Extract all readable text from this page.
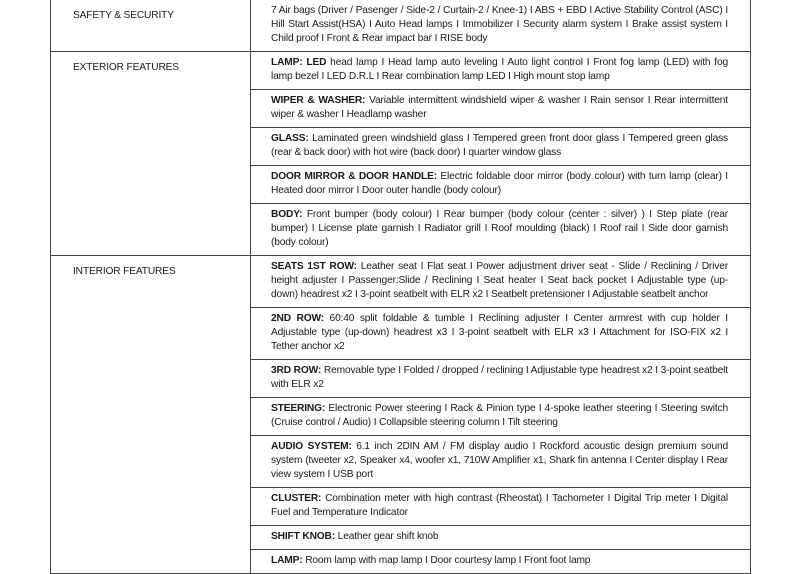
SAFETY & SECURITY	7 Air bags (Driver / Pasenger / Side-2 / Curtain-2 / Knee-1) I ABS + EBD I Active Stability Control (ASC) I Hill Start Assist(HSA) I Auto Head lamps I Immobilizer I Security alarm system I Brake assist system I Child proof I Front & Rear impact bar I RISE body
EXTERIOR FEATURES	LAMP: LED head lamp I Head lamp auto leveling I Auto light control I Front fog lamp (LED) with fog lamp bezel I LED D.R.L I Rear combination lamp LED I High mount stop lamp
	WIPER & WASHER: Variable intermittent windshield wiper & washer I Rain sensor I Rear intermittent wiper & washer I Headlamp washer
	GLASS: Laminated green windshield glass I Tempered green front door glass I Tempered green glass (rear & back door) with hot wire (back door) I quarter window glass
	DOOR MIRROR & DOOR HANDLE: Electric foldable door mirror (body colour) with turn lamp (clear) I Heated door mirror I Door outer handle (body colour)
	BODY: Front bumper (body colour) I Rear bumper (body colour (center : silver) ) I Step plate (rear bumper) I License plate garnish I Radiator grill I Roof moulding (black) I Roof rail I Side door garnish (body colour)
INTERIOR FEATURES	SEATS 1ST ROW: Leather seat I Flat seat I Power adjustment driver seat - Slide / Reclining / Driver height adjuster I Passenger:Slide / Reclining I Seat heater I Seat back pocket I Adjustable type (up-down) headrest x2 I 3-point seatbelt with ELR x2 I Seatbelt pretensioner I Adjustable seatbelt anchor
	2ND ROW: 60:40 split foldable & tumble I Reclining adjuster I Center armrest with cup holder I Adjustable type (up-down) headrest x3 I 3-point seatbelt with ELR x3 I Attachment for ISO-FIX x2 I Tether anchor x2
	3RD ROW: Removable type I Folded / dropped / reclining I Adjustable type headrest x2 I 3-point seatbelt with ELR x2
	STEERING: Electronic Power steering I Rack & Pinion type I 4-spoke leather steering I Steering switch (Cruise control / Audio) I Collapsible steering column I Tilt steering
	AUDIO SYSTEM: 6.1 inch 2DIN AM / FM display audio I Rockford acoustic design premium sound system (tweeter x2, Speaker x4, woofer x1, 710W Amplifier x1, Shark fin antenna I Center display I Rear view system I USB port
	CLUSTER: Combination meter with high contrast (Rheostat) I Tachometer I Digital Trip meter I Digital Fuel and Temperature Indicator
	SHIFT KNOB: Leather gear shift knob
	LAMP: Room lamp with map lamp I Door courtesy lamp I Front foot lamp
